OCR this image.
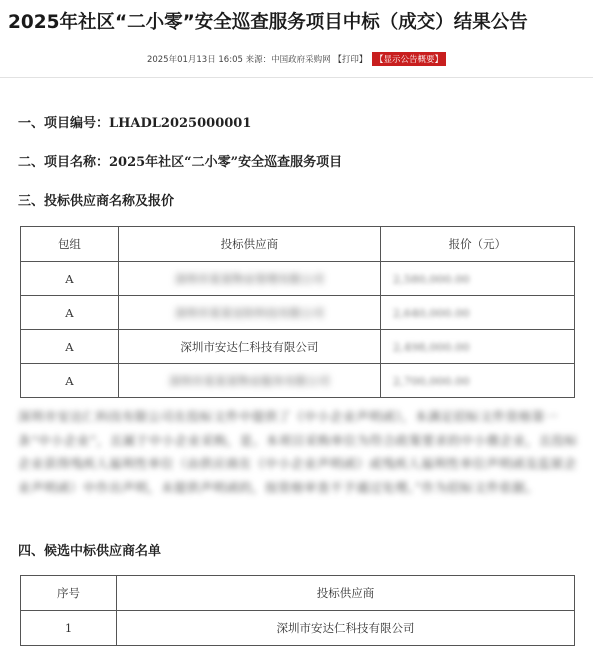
2025年社区“二小零”安全巡查服务项目中标（成交）结果公告
2025年01月13日 16:05 来源：中国政府采购网 【打印】 【显示公告概要】
一、项目编号：LHADL2025000001
二、项目名称：2025年社区“二小零”安全巡查服务项目
三、投标供应商名称及报价
包组	投标供应商	报价（元）
A	深圳市某某物业管理有限公司	2,580,000.00
A	深圳市某某安防科技有限公司	2,640,000.00
A	深圳市安达仁科技有限公司	2,498,000.00
A	深圳市某某某物业服务有限公司	2,700,000.00
深圳市安达仁科技有限公司在投标文件中提供了《中小企业声明函》，本满足招标文件资格第一条“中小企业”，且属于中小企业采购，是。本项目采购单位为符合政策要求的中小微企业，且投标企业获得残疾人福利性单位（由供应商在《中小企业声明函》或残疾人福利性单位声明函及监狱企业声明函）中作出声明，未提供声明函的，按资格审查不予通过处理。”作为招标文件依据。
四、候选中标供应商名单
序号	投标供应商
1	深圳市安达仁科技有限公司
